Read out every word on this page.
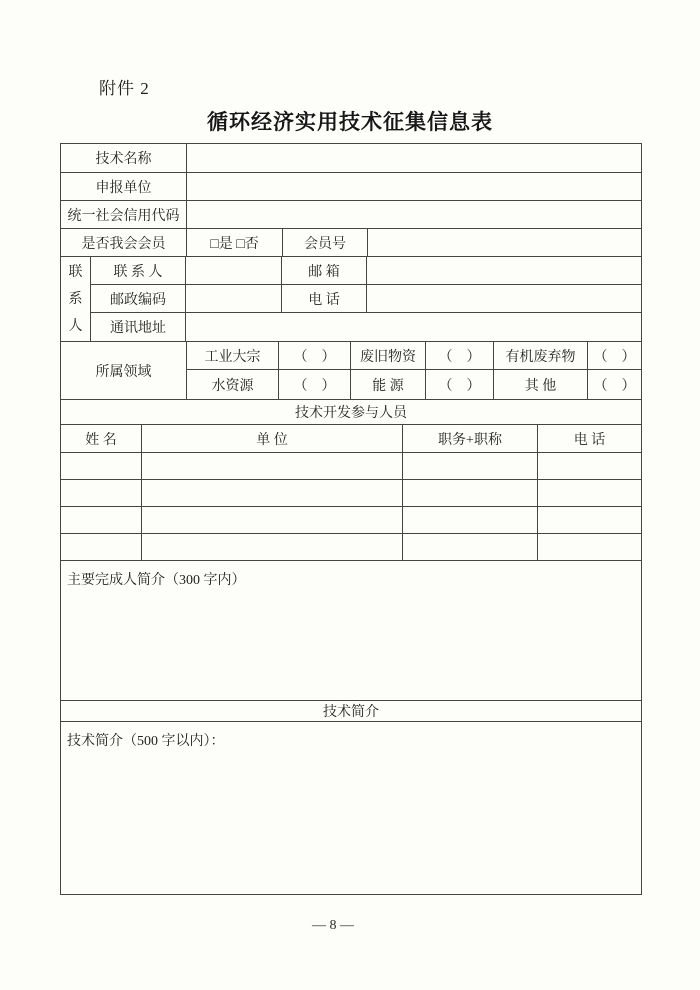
附件 2
循环经济实用技术征集信息表
技术名称
申报单位
统一社会信用代码
是否我会会员	□是 □否	会员号
联
系
人
联 系 人	邮 箱
邮政编码	电 话
通讯地址
所属领域
工业大宗	（　）	废旧物资	（　）	有机废弃物	（　）
水资源	（　）	能 源	（　）	其 他	（　）
技术开发参与人员
姓 名	单 位	职务+职称	电 话
主要完成人简介（300 字内）
技术简介
技术简介（500 字以内）：
— 8 —
